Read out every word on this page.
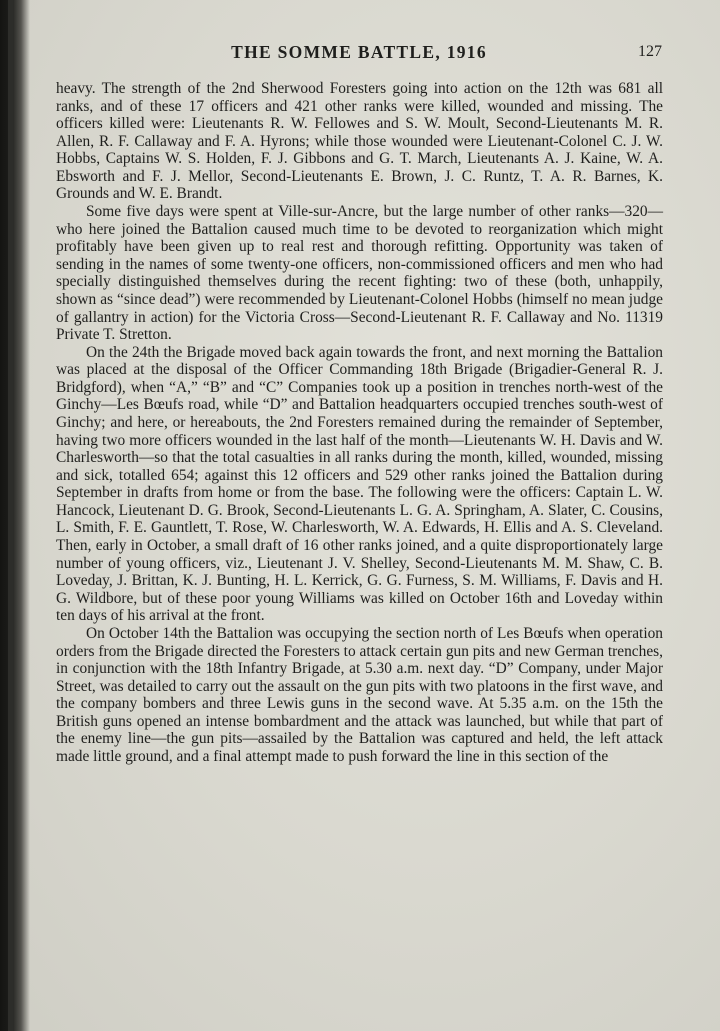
THE SOMME BATTLE, 1916	127

heavy. The strength of the 2nd Sherwood Foresters going into action on the 12th was 681 all ranks, and of these 17 officers and 421 other ranks were killed, wounded and missing. The officers killed were: Lieutenants R. W. Fellowes and S. W. Moult, Second-Lieutenants M. R. Allen, R. F. Callaway and F. A. Hyrons; while those wounded were Lieutenant-Colonel C. J. W. Hobbs, Captains W. S. Holden, F. J. Gibbons and G. T. March, Lieutenants A. J. Kaine, W. A. Ebsworth and F. J. Mellor, Second-Lieutenants E. Brown, J. C. Runtz, T. A. R. Barnes, K. Grounds and W. E. Brandt.

Some five days were spent at Ville-sur-Ancre, but the large number of other ranks—320—who here joined the Battalion caused much time to be devoted to reorganization which might profitably have been given up to real rest and thorough refitting. Opportunity was taken of sending in the names of some twenty-one officers, non-commissioned officers and men who had specially distinguished themselves during the recent fighting: two of these (both, unhappily, shown as “since dead”) were recommended by Lieutenant-Colonel Hobbs (himself no mean judge of gallantry in action) for the Victoria Cross—Second-Lieutenant R. F. Callaway and No. 11319 Private T. Stretton.

On the 24th the Brigade moved back again towards the front, and next morning the Battalion was placed at the disposal of the Officer Commanding 18th Brigade (Brigadier-General R. J. Bridgford), when “A,” “B” and “C” Companies took up a position in trenches north-west of the Ginchy—Les Bœufs road, while “D” and Battalion headquarters occupied trenches south-west of Ginchy; and here, or hereabouts, the 2nd Foresters remained during the remainder of September, having two more officers wounded in the last half of the month—Lieutenants W. H. Davis and W. Charlesworth—so that the total casualties in all ranks during the month, killed, wounded, missing and sick, totalled 654; against this 12 officers and 529 other ranks joined the Battalion during September in drafts from home or from the base. The following were the officers: Captain L. W. Hancock, Lieutenant D. G. Brook, Second-Lieutenants L. G. A. Springham, A. Slater, C. Cousins, L. Smith, F. E. Gauntlett, T. Rose, W. Charlesworth, W. A. Edwards, H. Ellis and A. S. Cleveland. Then, early in October, a small draft of 16 other ranks joined, and a quite disproportionately large number of young officers, viz., Lieutenant J. V. Shelley, Second-Lieutenants M. M. Shaw, C. B. Loveday, J. Brittan, K. J. Bunting, H. L. Kerrick, G. G. Furness, S. M. Williams, F. Davis and H. G. Wildbore, but of these poor young Williams was killed on October 16th and Loveday within ten days of his arrival at the front.

On October 14th the Battalion was occupying the section north of Les Bœufs when operation orders from the Brigade directed the Foresters to attack certain gun pits and new German trenches, in conjunction with the 18th Infantry Brigade, at 5.30 a.m. next day. “D” Company, under Major Street, was detailed to carry out the assault on the gun pits with two platoons in the first wave, and the company bombers and three Lewis guns in the second wave. At 5.35 a.m. on the 15th the British guns opened an intense bombardment and the attack was launched, but while that part of the enemy line—the gun pits—assailed by the Battalion was captured and held, the left attack made little ground, and a final attempt made to push forward the line in this section of the
